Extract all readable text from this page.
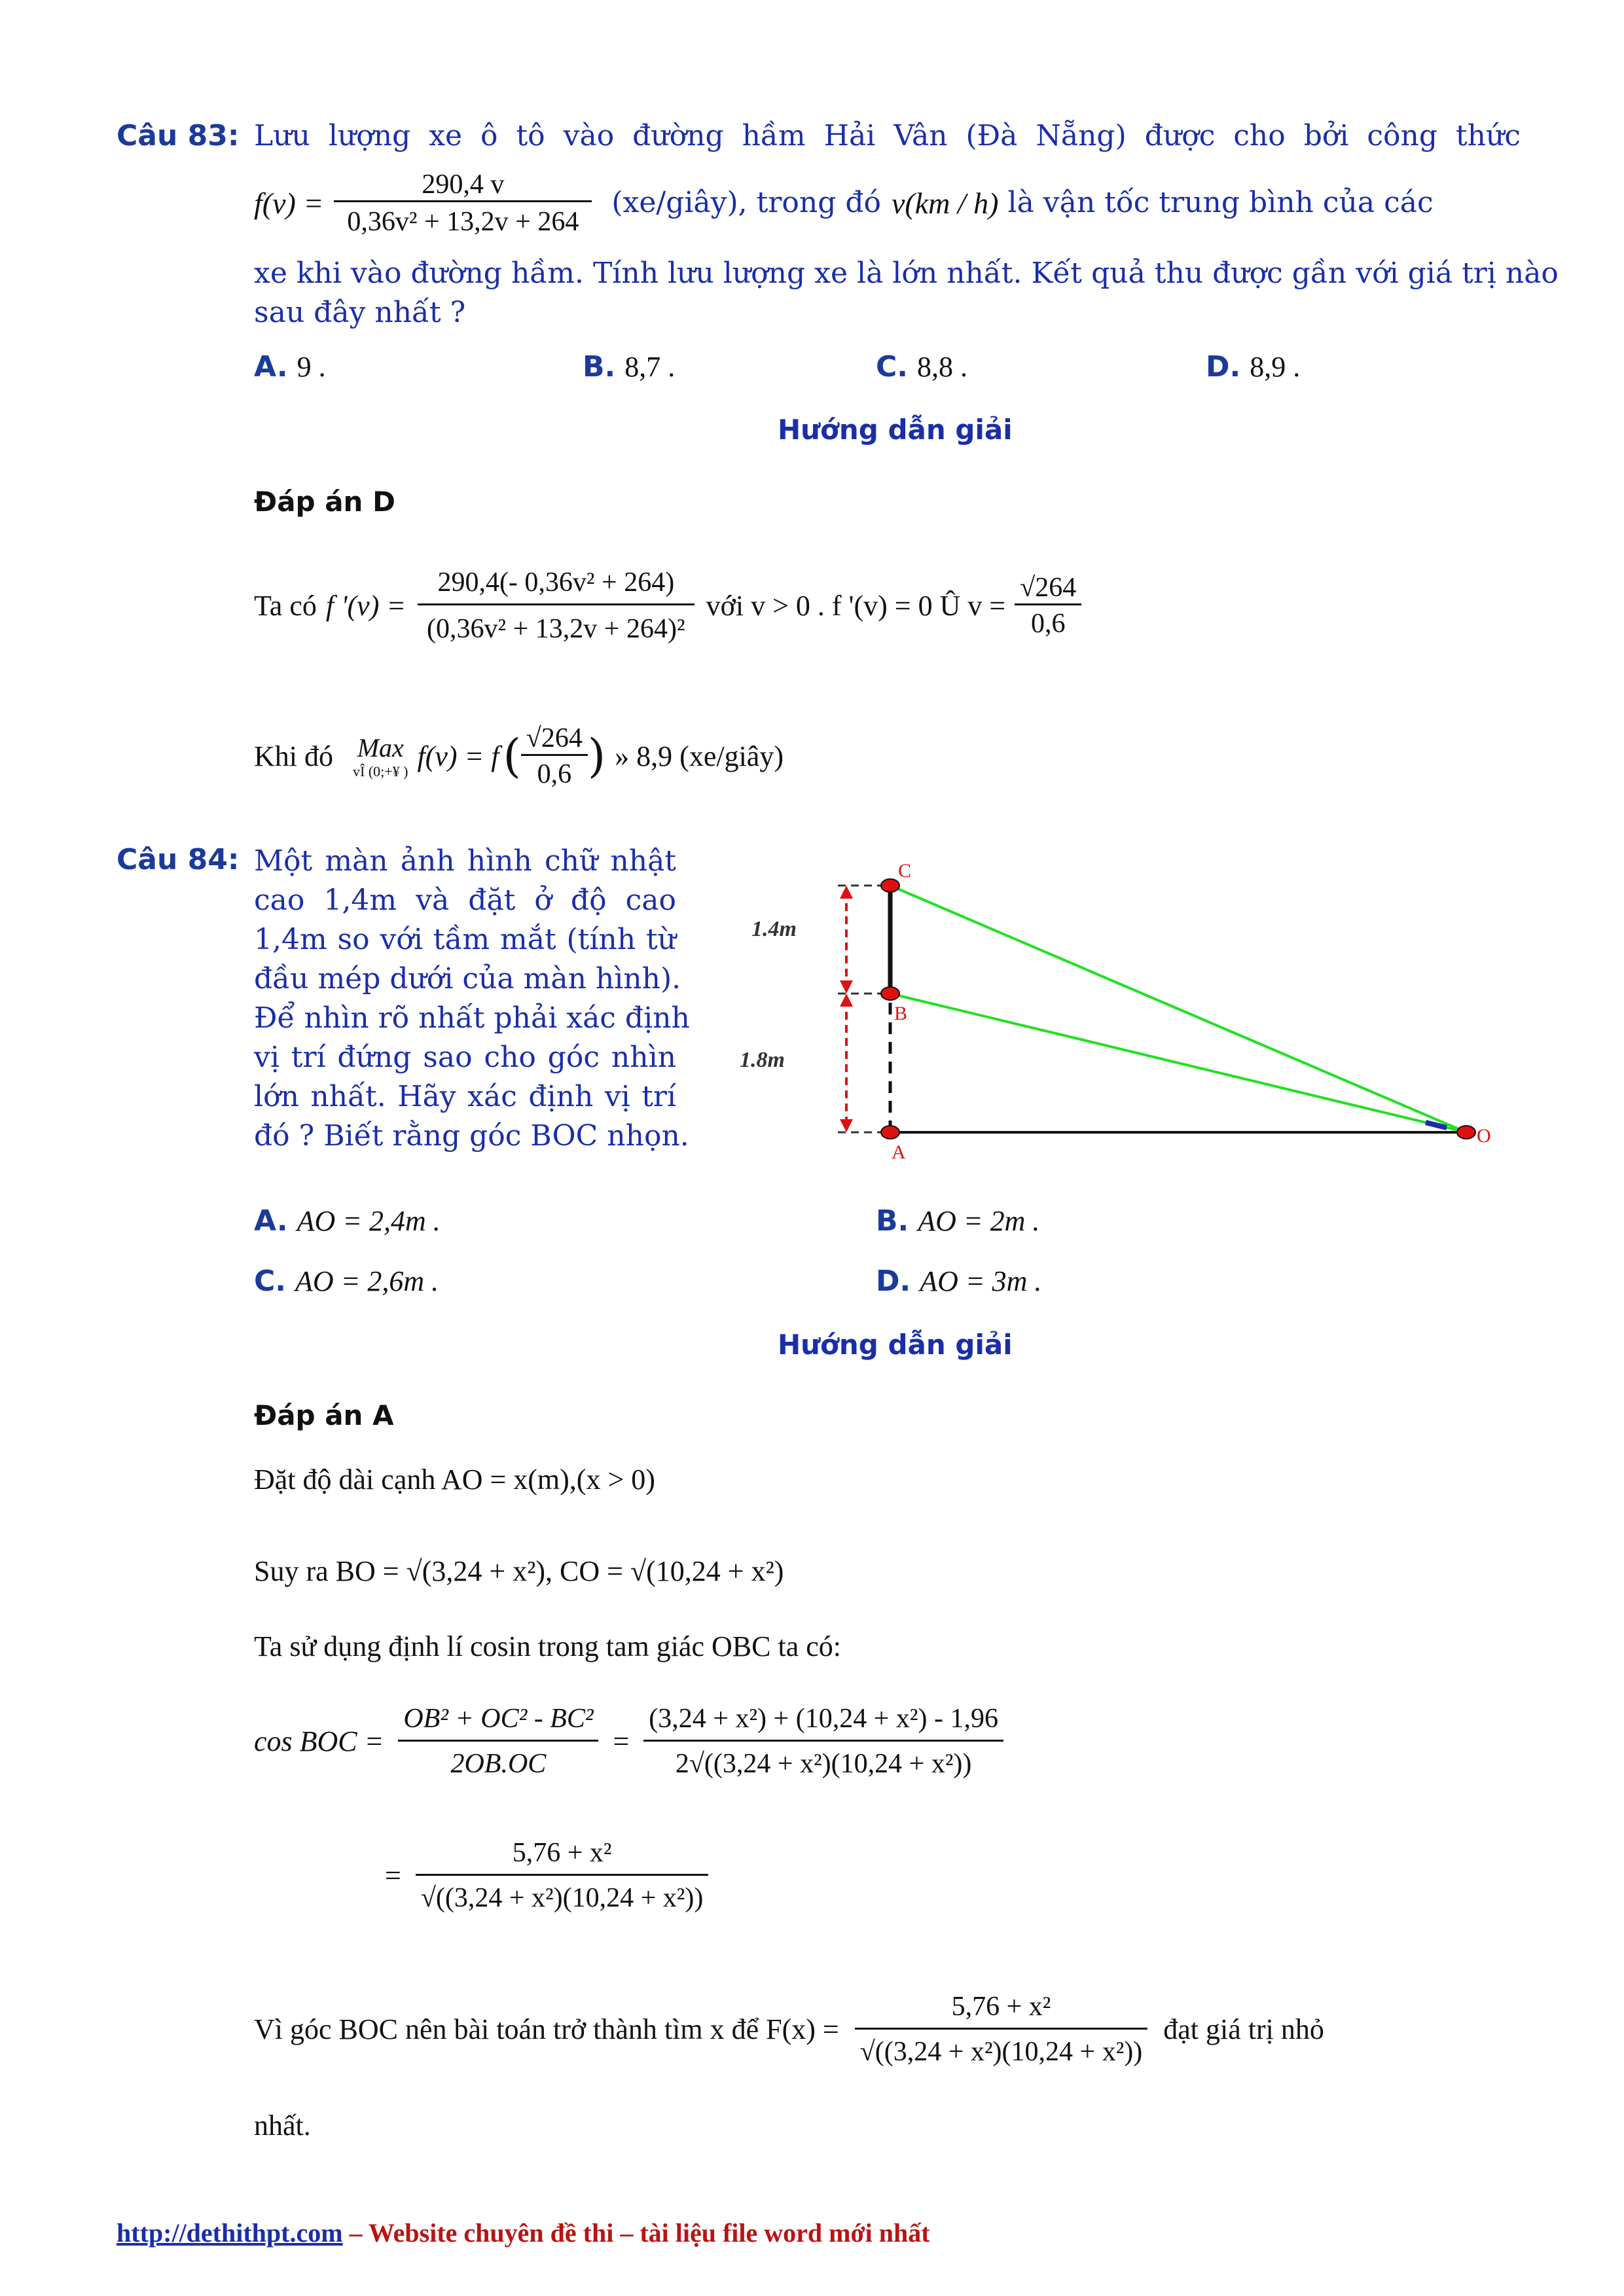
Câu 83: Lưu lượng xe ô tô vào đường hầm Hải Vân (Đà Nẵng) được cho bởi công thức
$f(v) = \frac{290,4 v}{\text{0,36v² + 13,2v + 264}}$ (xe/giây), trong đó v(km / h) là vận tốc trung bình của các
xe khi vào đường hầm. Tính lưu lượng xe là lớn nhất. Kết quả thu được gần với giá trị nào
sau đây nhất ?
A. 9 .	B. 8,7 .	C. 8,8 .	D. 8,9 .
Hướng dẫn giải
Đáp án D
Ta có f '$(v) = \frac{\text{290,4(- 0,36v² + 264)}}{\text{(0,36v² + 13,2v + 264)²}}$ với v > 0 . f '(v) = 0 Û $v = \frac{√264}{0,6}$
Khi đó Max
vÎ (0;+¥ ) f(v) = f ( $\frac{√264}{0,6}$ ) » 8,9 (xe/giây)
Câu 84: Một màn ảnh hình chữ nhật
cao 1,4m và đặt ở độ cao
1,4m so với tầm mắt (tính từ
đầu mép dưới của màn hình).
Để nhìn rõ nhất phải xác định
vị trí đứng sao cho góc nhìn
lớn nhất. Hãy xác định vị trí
đó ? Biết rằng góc BOC nhọn.
1.4m
1.8m
C
B
A
O
A. AO = 2,4m .	B. AO = 2m .
C. AO = 2,6m .	D. AO = 3m .
Hướng dẫn giải
Đáp án A
Đặt độ dài cạnh AO = x(m),(x > 0)
Suy ra BO = √(3,24 + x²), CO = √(10,24 + x²)
Ta sử dụng định lí cosin trong tam giác OBC ta có:
cos BOC = $\frac{\text{OB² + OC² - BC²}}{2OB.OC} = \frac{\text{(3,24 + x²) + (10,24 + x²) - 1,96}}{\text{2√((3,24 + x²)(10,24 + x²))}}$
= $\frac{\text{5,76 + x²}}{\text{√((3,24 + x²)(10,24 + x²))}}$
Vì góc BOC nên bài toán trở thành tìm x để $F(x) = \frac{\text{5,76 + x²}}{\text{√((3,24 + x²)(10,24 + x²))}}$ đạt giá trị nhỏ
nhất.
http://dethithpt.com – Website chuyên đề thi – tài liệu file word mới nhất
